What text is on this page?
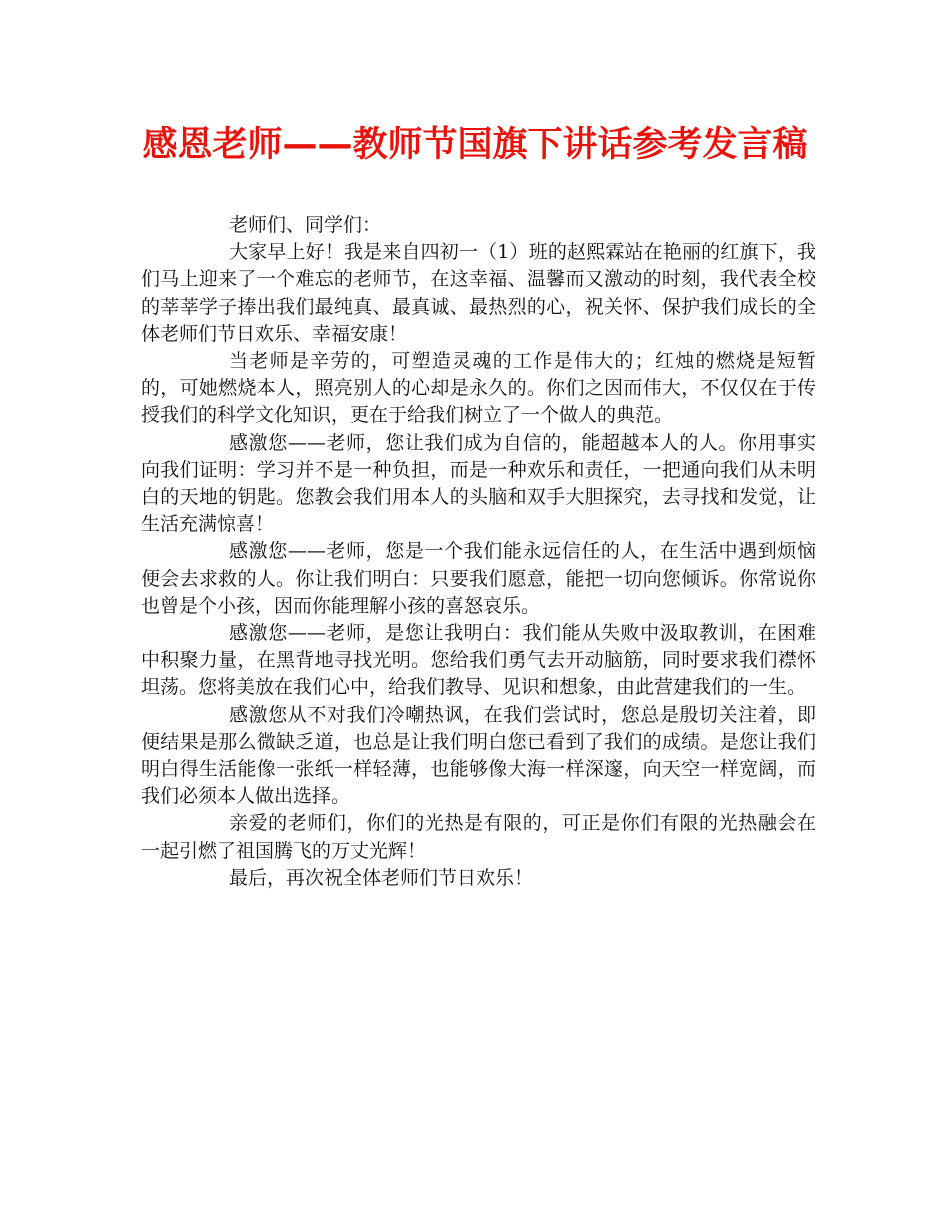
感恩老师——教师节国旗下讲话参考发言稿

老师们、同学们：

大家早上好！我是来自四初一（1）班的赵熙霖站在艳丽的红旗下，我们马上迎来了一个难忘的老师节，在这幸福、温馨而又激动的时刻，我代表全校的莘莘学子捧出我们最纯真、最真诚、最热烈的心，祝关怀、保护我们成长的全体老师们节日欢乐、幸福安康！

当老师是辛劳的，可塑造灵魂的工作是伟大的；红烛的燃烧是短暂的，可她燃烧本人，照亮别人的心却是永久的。你们之因而伟大，不仅仅在于传授我们的科学文化知识，更在于给我们树立了一个做人的典范。

感激您——老师，您让我们成为自信的，能超越本人的人。你用事实向我们证明：学习并不是一种负担，而是一种欢乐和责任，一把通向我们从未明白的天地的钥匙。您教会我们用本人的头脑和双手大胆探究，去寻找和发觉，让生活充满惊喜！

感激您——老师，您是一个我们能永远信任的人，在生活中遇到烦恼便会去求救的人。你让我们明白：只要我们愿意，能把一切向您倾诉。你常说你也曾是个小孩，因而你能理解小孩的喜怒哀乐。

感激您——老师，是您让我明白：我们能从失败中汲取教训，在困难中积聚力量，在黑背地寻找光明。您给我们勇气去开动脑筋，同时要求我们襟怀坦荡。您将美放在我们心中，给我们教导、见识和想象，由此营建我们的一生。

感激您从不对我们冷嘲热讽，在我们尝试时，您总是殷切关注着，即便结果是那么微缺乏道，也总是让我们明白您已看到了我们的成绩。是您让我们明白得生活能像一张纸一样轻薄，也能够像大海一样深邃，向天空一样宽阔，而我们必须本人做出选择。

亲爱的老师们，你们的光热是有限的，可正是你们有限的光热融会在一起引燃了祖国腾飞的万丈光辉！

最后，再次祝全体老师们节日欢乐！
